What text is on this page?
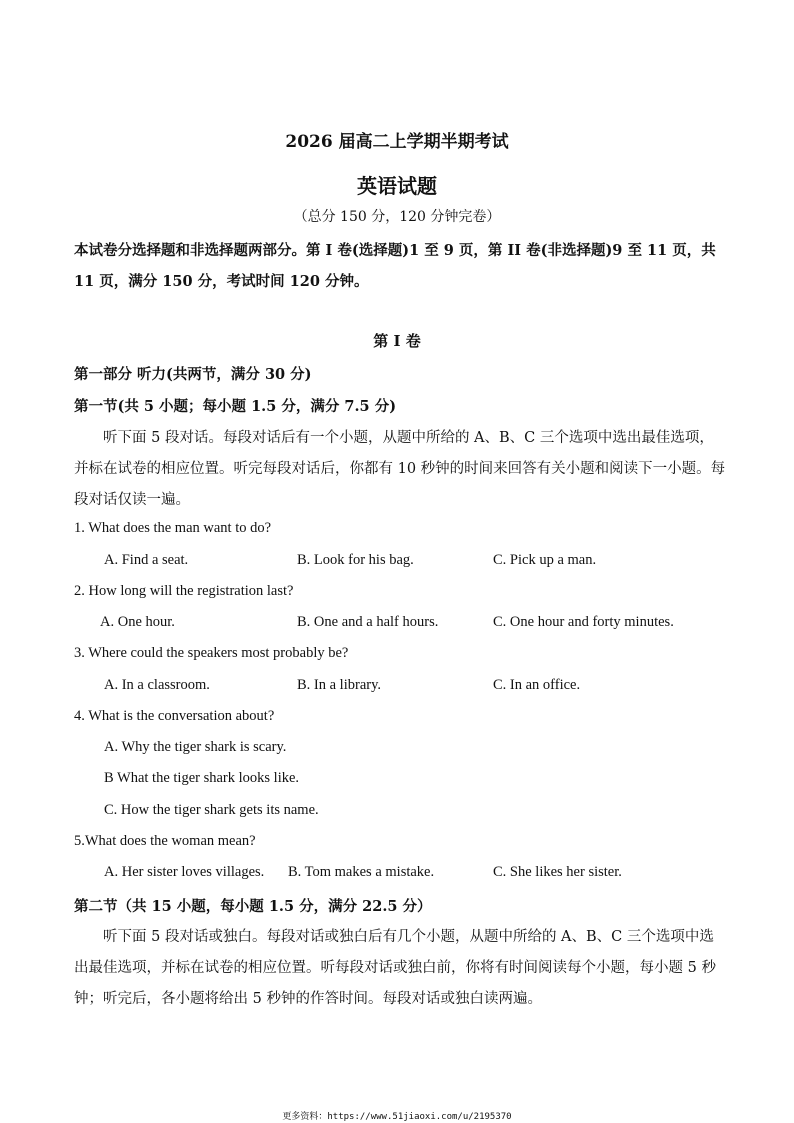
2026 届高二上学期半期考试
英语试题
（总分 150 分，120 分钟完卷）
本试卷分选择题和非选择题两部分。第 I 卷(选择题)1 至 9 页，第 II 卷(非选择题)9 至 11 页，共 11 页，满分 150 分，考试时间 120 分钟。
第 I 卷
第一部分 听力(共两节，满分 30 分)
第一节(共 5 小题；每小题 1.5 分，满分 7.5 分)
听下面 5 段对话。每段对话后有一个小题，从题中所给的 A、B、C 三个选项中选出最佳选项，并标在试卷的相应位置。听完每段对话后，你都有 10 秒钟的时间来回答有关小题和阅读下一小题。每段对话仅读一遍。
1. What does the man want to do?
A. Find a seat.	B. Look for his bag.	C. Pick up a man.
2. How long will the registration last?
A. One hour.	B. One and a half hours.	C. One hour and forty minutes.
3. Where could the speakers most probably be?
A. In a classroom.	B. In a library.	C. In an office.
4. What is the conversation about?
A. Why the tiger shark is scary.
B What the tiger shark looks like.
C. How the tiger shark gets its name.
5.What does the woman mean?
A. Her sister loves villages. B. Tom makes a mistake.	C. She likes her sister.
第二节（共 15 小题，每小题 1.5 分，满分 22.5 分）
听下面 5 段对话或独白。每段对话或独白后有几个小题，从题中所给的 A、B、C 三个选项中选出最佳选项，并标在试卷的相应位置。听每段对话或独白前，你将有时间阅读每个小题，每小题 5 秒钟；听完后，各小题将给出 5 秒钟的作答时间。每段对话或独白读两遍。
更多资料：https://www.51jiaoxi.com/u/2195370
